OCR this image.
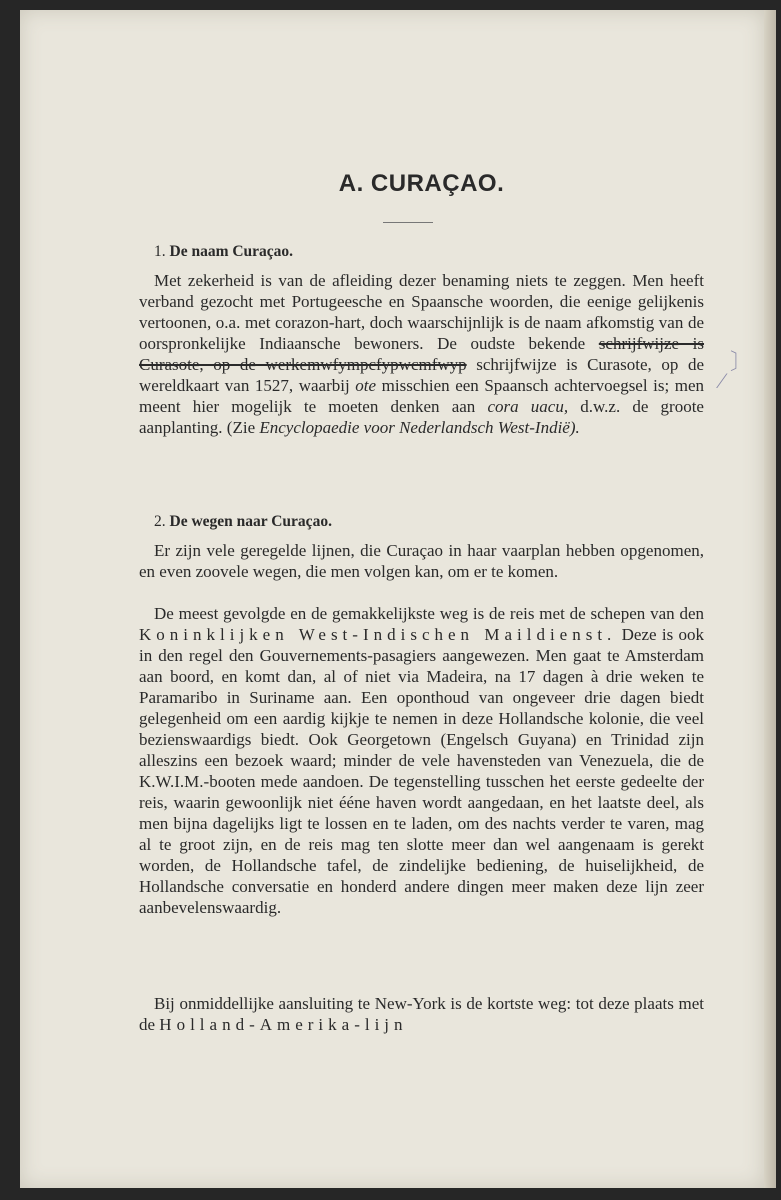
A. CURAÇAO.
1. De naam Curaçao.
Met zekerheid is van de afleiding dezer benaming niets te zeggen. Men heeft verband gezocht met Portugeesche en Spaansche woorden, die eenige gelijkenis vertoonen, o.a. met corazon-hart, doch waarschijnlijk is de naam afkomstig van de oorspronkelijke Indiaansche bewoners. De oudste bekende schrijfwijze is Curasote, op de werkemwfympcfypwcmfwyp schrijfwijze is Curasote, op de wereldkaart van 1527, waarbij ote misschien een Spaansch achtervoegsel is; men meent hier mogelijk te moeten denken aan cora uacu, d.w.z. de groote aanplanting. (Zie Encyclopaedie voor Nederlandsch West-Indië).
2. De wegen naar Curaçao.
Er zijn vele geregelde lijnen, die Curaçao in haar vaarplan hebben opgenomen, en even zoovele wegen, die men volgen kan, om er te komen.
De meest gevolgde en de gemakkelijkste weg is de reis met de schepen van den Koninklijken West-Indischen Maildienst. Deze is ook in den regel den Gouvernements-pasagiers aangewezen. Men gaat te Amsterdam aan boord, en komt dan, al of niet via Madeira, na 17 dagen à drie weken te Paramaribo in Suriname aan. Een oponthoud van ongeveer drie dagen biedt gelegenheid om een aardig kijkje te nemen in deze Hollandsche kolonie, die veel bezienswaardigs biedt. Ook Georgetown (Engelsch Guyana) en Trinidad zijn alleszins een bezoek waard; minder de vele havensteden van Venezuela, die de K.W.I.M.-booten mede aandoen. De tegenstelling tusschen het eerste gedeelte der reis, waarin gewoonlijk niet ééne haven wordt aangedaan, en het laatste deel, als men bijna dagelijks ligt te lossen en te laden, om des nachts verder te varen, mag al te groot zijn, en de reis mag ten slotte meer dan wel aangenaam is gerekt worden, de Hollandsche tafel, de zindelijke bediening, de huiselijkheid, de Hollandsche conversatie en honderd andere dingen meer maken deze lijn zeer aanbevelenswaardig.
Bij onmiddellijke aansluiting te New-York is de kortste weg: tot deze plaats met de Holland-Amerika-lijn
〕
⁄
